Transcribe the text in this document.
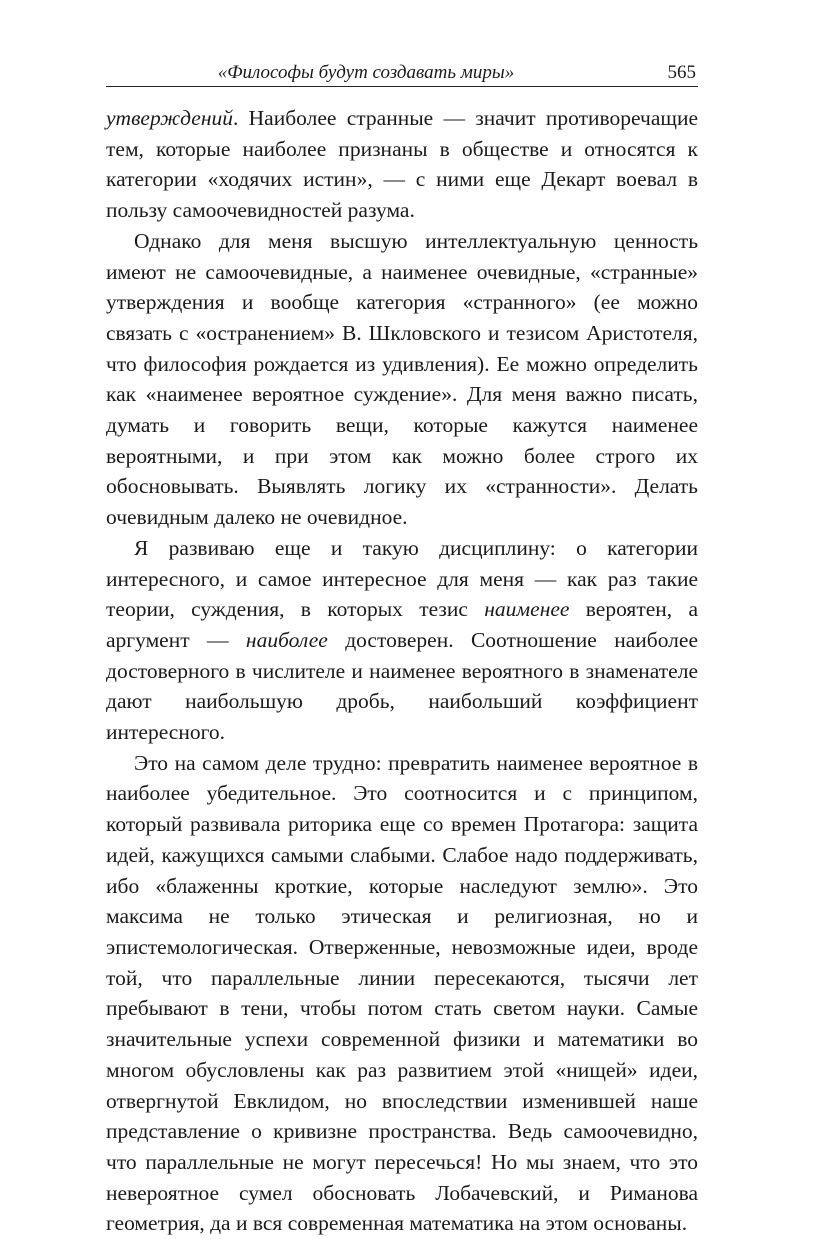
«Философы будут создавать миры»	565

утверждений. Наиболее странные — значит противоречащие тем, которые наиболее признаны в обществе и относятся к категории «ходячих истин», — с ними еще Декарт воевал в пользу самоочевидностей разума.

Однако для меня высшую интеллектуальную ценность имеют не самоочевидные, а наименее очевидные, «странные» утверждения и вообще категория «странного» (ее можно связать с «остранением» В. Шкловского и тезисом Аристотеля, что философия рождается из удивления). Ее можно определить как «наименее вероятное суждение». Для меня важно писать, думать и говорить вещи, которые кажутся наименее вероятными, и при этом как можно более строго их обосновывать. Выявлять логику их «странности». Делать очевидным далеко не очевидное.

Я развиваю еще и такую дисциплину: о категории интересного, и самое интересное для меня — как раз такие теории, суждения, в которых тезис наименее вероятен, а аргумент — наиболее достоверен. Соотношение наиболее достоверного в числителе и наименее вероятного в знаменателе дают наибольшую дробь, наибольший коэффициент интересного.

Это на самом деле трудно: превратить наименее вероятное в наиболее убедительное. Это соотносится и с принципом, который развивала риторика еще со времен Протагора: защита идей, кажущихся самыми слабыми. Слабое надо поддерживать, ибо «блаженны кроткие, которые наследуют землю». Это максима не только этическая и религиозная, но и эпистемологическая. Отверженные, невозможные идеи, вроде той, что параллельные линии пересекаются, тысячи лет пребывают в тени, чтобы потом стать светом науки. Самые значительные успехи современной физики и математики во многом обусловлены как раз развитием этой «нищей» идеи, отвергнутой Евклидом, но впоследствии изменившей наше представление о кривизне пространства. Ведь самоочевидно, что параллельные не могут пересечься! Но мы знаем, что это невероятное сумел обосновать Лобачевский, и Риманова геометрия, да и вся современная математика на этом основаны.
